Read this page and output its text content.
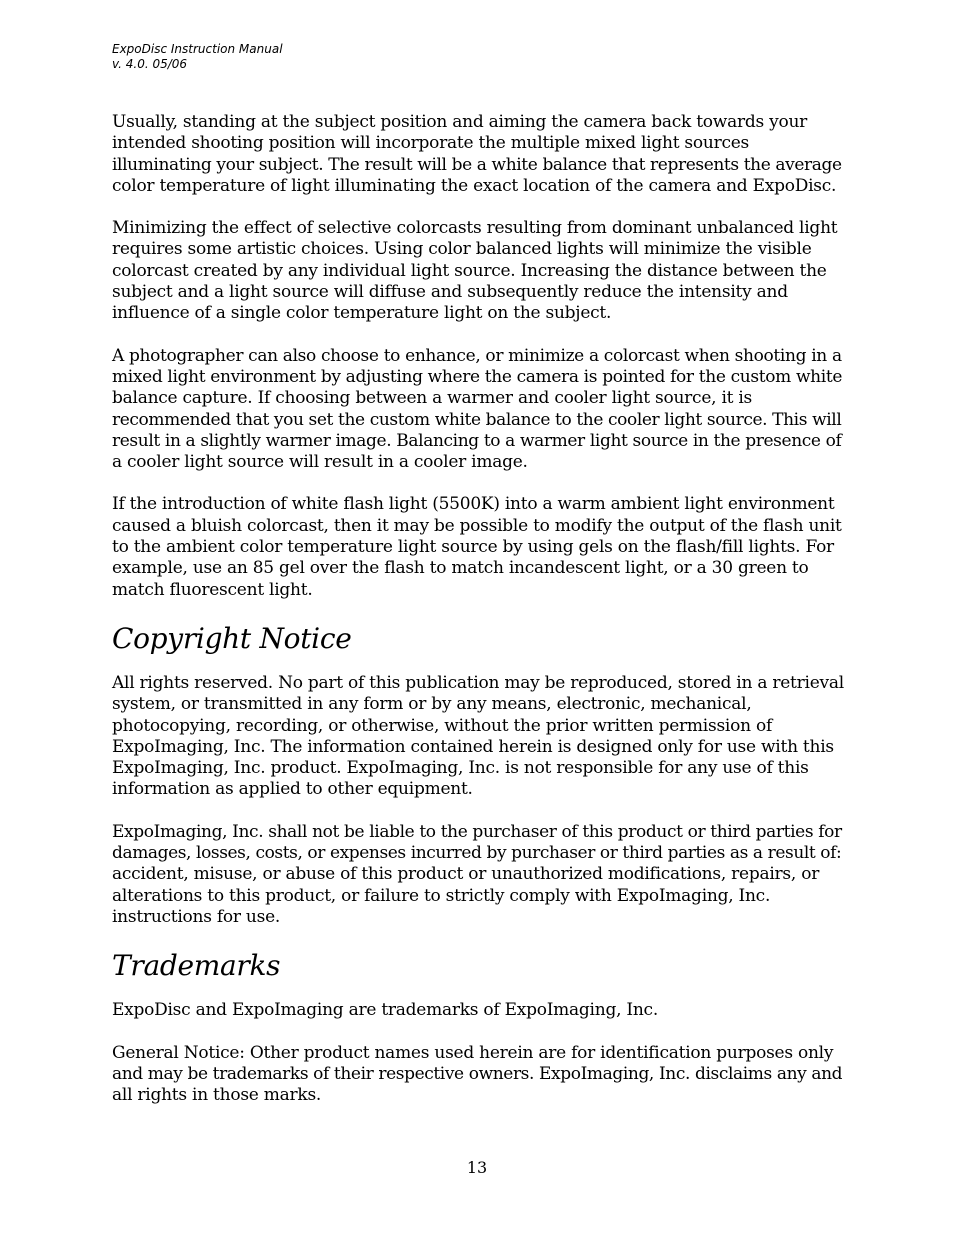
ExpoDisc Instruction Manual
v. 4.0. 05/06

Usually, standing at the subject position and aiming the camera back towards your
intended shooting position will incorporate the multiple mixed light sources
illuminating your subject. The result will be a white balance that represents the average
color temperature of light illuminating the exact location of the camera and ExpoDisc.

Minimizing the effect of selective colorcasts resulting from dominant unbalanced light
requires some artistic choices. Using color balanced lights will minimize the visible
colorcast created by any individual light source. Increasing the distance between the
subject and a light source will diffuse and subsequently reduce the intensity and
influence of a single color temperature light on the subject.

A photographer can also choose to enhance, or minimize a colorcast when shooting in a
mixed light environment by adjusting where the camera is pointed for the custom white
balance capture. If choosing between a warmer and cooler light source, it is
recommended that you set the custom white balance to the cooler light source. This will
result in a slightly warmer image. Balancing to a warmer light source in the presence of
a cooler light source will result in a cooler image.

If the introduction of white flash light (5500K) into a warm ambient light environment
caused a bluish colorcast, then it may be possible to modify the output of the flash unit
to the ambient color temperature light source by using gels on the flash/fill lights. For
example, use an 85 gel over the flash to match incandescent light, or a 30 green to
match fluorescent light.

Copyright Notice

All rights reserved. No part of this publication may be reproduced, stored in a retrieval
system, or transmitted in any form or by any means, electronic, mechanical,
photocopying, recording, or otherwise, without the prior written permission of
ExpoImaging, Inc. The information contained herein is designed only for use with this
ExpoImaging, Inc. product. ExpoImaging, Inc. is not responsible for any use of this
information as applied to other equipment.

ExpoImaging, Inc. shall not be liable to the purchaser of this product or third parties for
damages, losses, costs, or expenses incurred by purchaser or third parties as a result of:
accident, misuse, or abuse of this product or unauthorized modifications, repairs, or
alterations to this product, or failure to strictly comply with ExpoImaging, Inc.
instructions for use.

Trademarks

ExpoDisc and ExpoImaging are trademarks of ExpoImaging, Inc.

General Notice: Other product names used herein are for identification purposes only
and may be trademarks of their respective owners. ExpoImaging, Inc. disclaims any and
all rights in those marks.

13
